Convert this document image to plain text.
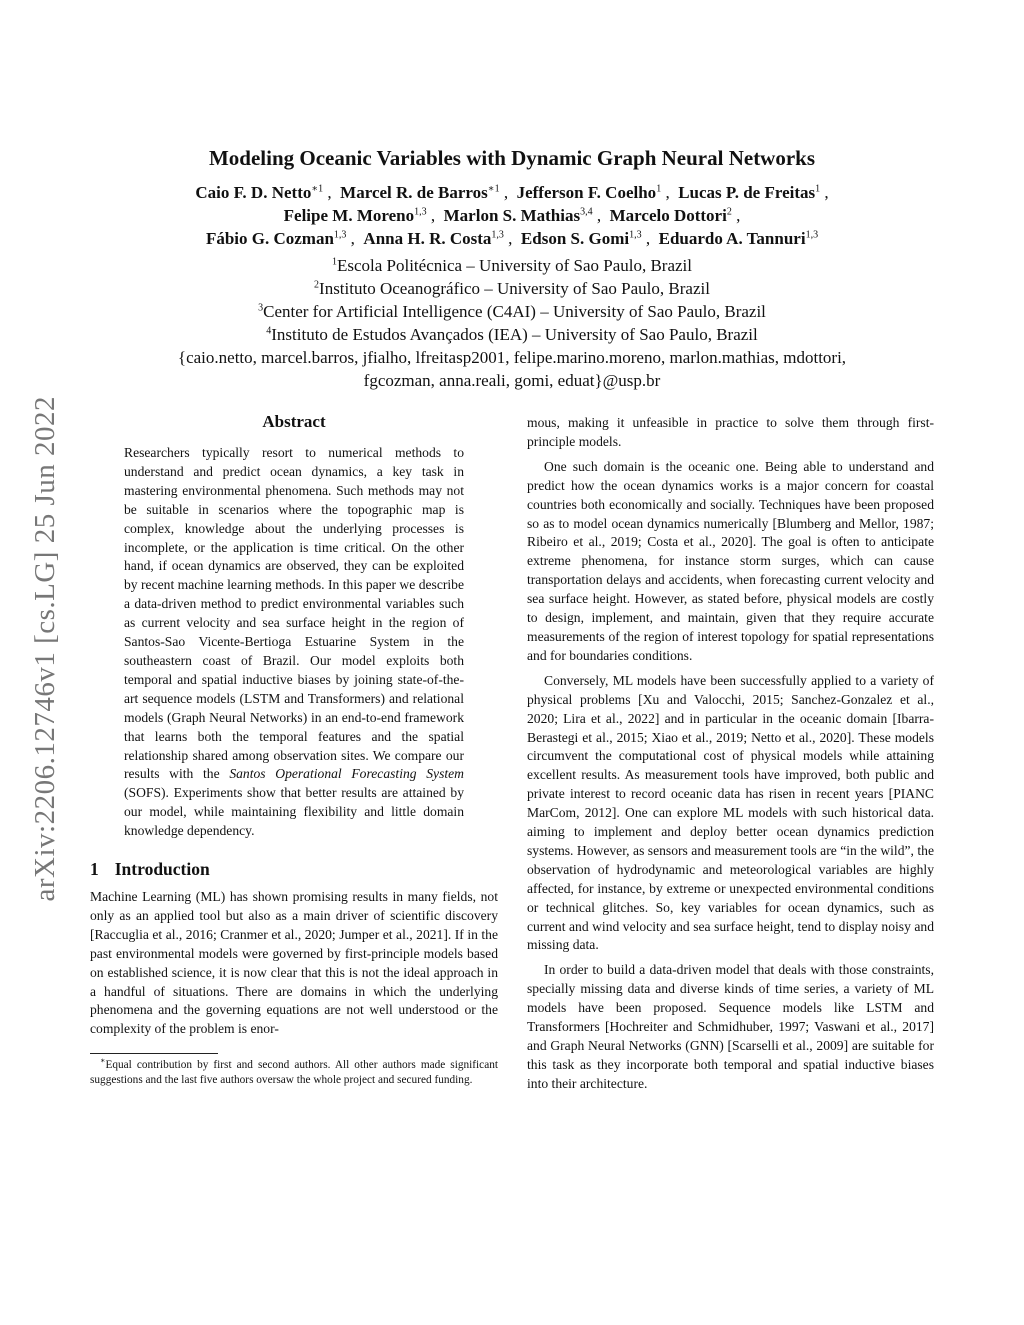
arXiv:2206.12746v1 [cs.LG] 25 Jun 2022
Modeling Oceanic Variables with Dynamic Graph Neural Networks
Caio F. D. Netto$^{∗1}$ ,  Marcel R. de Barros$^{∗1}$ ,  Jefferson F. Coelho$^1$ ,  Lucas P. de Freitas$^1$ ,
Felipe M. Moreno$^{1,3}$ ,  Marlon S. Mathias$^{3,4}$ ,  Marcelo Dottori$^2$ ,
Fábio G. Cozman$^{1,3}$ ,  Anna H. R. Costa$^{1,3}$ ,  Edson S. Gomi$^{1,3}$ ,  Eduardo A. Tannuri$^{1,3}$
$^1$Escola Politécnica – University of Sao Paulo, Brazil
$^2$Instituto Oceanográfico – University of Sao Paulo, Brazil
$^3$Center for Artificial Intelligence (C4AI) – University of Sao Paulo, Brazil
$^4$Instituto de Estudos Avançados (IEA) – University of Sao Paulo, Brazil
{caio.netto, marcel.barros, jfialho, lfreitasp2001, felipe.marino.moreno, marlon.mathias, mdottori,
fgcozman, anna.reali, gomi, eduat}@usp.br
Abstract
Researchers typically resort to numerical methods to understand and predict ocean dynamics, a key task in mastering environmental phenomena. Such methods may not be suitable in scenarios where the topographic map is complex, knowledge about the underlying processes is incomplete, or the application is time critical. On the other hand, if ocean dynamics are observed, they can be exploited by recent machine learning methods. In this paper we describe a data-driven method to predict environmental variables such as current velocity and sea surface height in the region of Santos-Sao Vicente-Bertioga Estuarine System in the southeastern coast of Brazil. Our model exploits both temporal and spatial inductive biases by joining state-of-the-art sequence models (LSTM and Transformers) and relational models (Graph Neural Networks) in an end-to-end framework that learns both the temporal features and the spatial relationship shared among observation sites. We compare our results with the Santos Operational Forecasting System (SOFS). Experiments show that better results are attained by our model, while maintaining flexibility and little domain knowledge dependency.
1 Introduction

Machine Learning (ML) has shown promising results in many fields, not only as an applied tool but also as a main driver of scientific discovery [Raccuglia et al., 2016; Cranmer et al., 2020; Jumper et al., 2021]. If in the past environmental models were governed by first-principle models based on established science, it is now clear that this is not the ideal approach in a handful of situations. There are domains in which the underlying phenomena and the governing equations are not well understood or the complexity of the problem is enor-

∗Equal contribution by first and second authors. All other authors made significant suggestions and the last five authors oversaw the whole project and secured funding.

mous, making it unfeasible in practice to solve them through first-principle models.

One such domain is the oceanic one. Being able to understand and predict how the ocean dynamics works is a major concern for coastal countries both economically and socially. Techniques have been proposed so as to model ocean dynamics numerically [Blumberg and Mellor, 1987; Ribeiro et al., 2019; Costa et al., 2020]. The goal is often to anticipate extreme phenomena, for instance storm surges, which can cause transportation delays and accidents, when forecasting current velocity and sea surface height. However, as stated before, physical models are costly to design, implement, and maintain, given that they require accurate measurements of the region of interest topology for spatial representations and for boundaries conditions.

Conversely, ML models have been successfully applied to a variety of physical problems [Xu and Valocchi, 2015; Sanchez-Gonzalez et al., 2020; Lira et al., 2022] and in particular in the oceanic domain [Ibarra-Berastegi et al., 2015; Xiao et al., 2019; Netto et al., 2020]. These models circumvent the computational cost of physical models while attaining excellent results. As measurement tools have improved, both public and private interest to record oceanic data has risen in recent years [PIANC MarCom, 2012]. One can explore ML models with such historical data. aiming to implement and deploy better ocean dynamics prediction systems. However, as sensors and measurement tools are “in the wild”, the observation of hydrodynamic and meteorological variables are highly affected, for instance, by extreme or unexpected environmental conditions or technical glitches. So, key variables for ocean dynamics, such as current and wind velocity and sea surface height, tend to display noisy and missing data.

In order to build a data-driven model that deals with those constraints, specially missing data and diverse kinds of time series, a variety of ML models have been proposed. Sequence models like LSTM and Transformers [Hochreiter and Schmidhuber, 1997; Vaswani et al., 2017] and Graph Neural Networks (GNN) [Scarselli et al., 2009] are suitable for this task as they incorporate both temporal and spatial inductive biases into their architecture.
